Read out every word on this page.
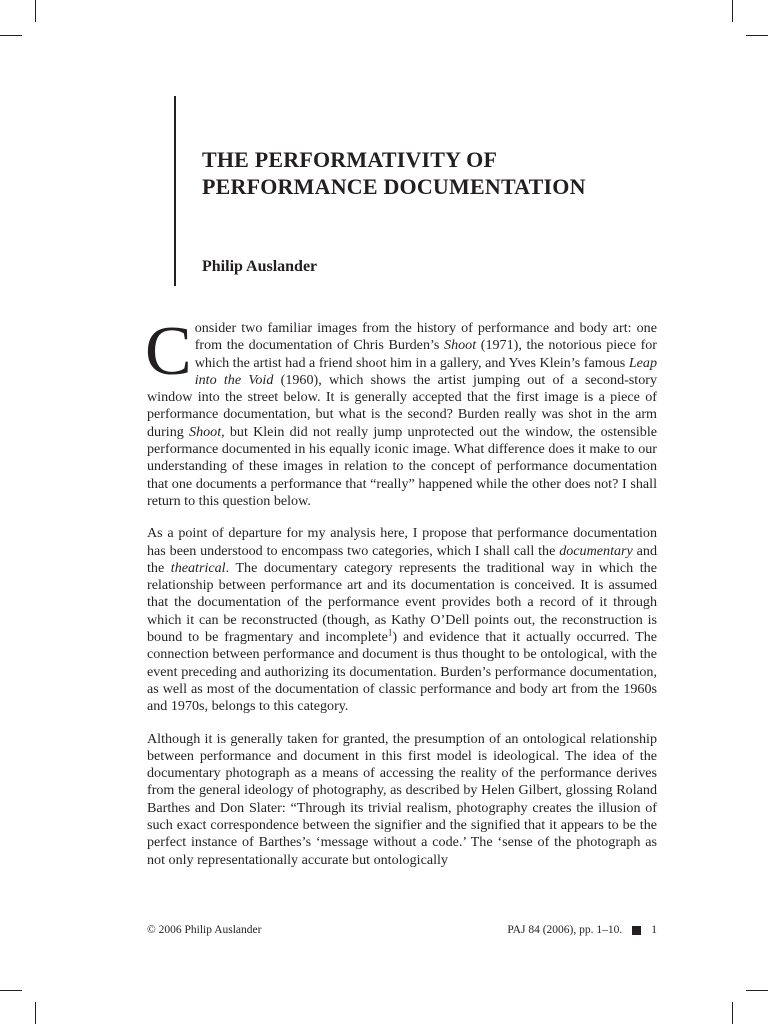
THE PERFORMATIVITY OF
PERFORMANCE DOCUMENTATION
Philip Auslander

Consider two familiar images from the history of performance and body art: one from the documentation of Chris Burden’s Shoot (1971), the notorious piece for which the artist had a friend shoot him in a gallery, and Yves Klein’s famous Leap into the Void (1960), which shows the artist jumping out of a second-story window into the street below. It is generally accepted that the first image is a piece of performance documentation, but what is the second? Burden really was shot in the arm during Shoot, but Klein did not really jump unprotected out the window, the ostensible performance documented in his equally iconic image. What difference does it make to our understanding of these images in relation to the concept of performance documentation that one documents a performance that “really” happened while the other does not? I shall return to this question below.

As a point of departure for my analysis here, I propose that performance documentation has been understood to encompass two categories, which I shall call the documentary and the theatrical. The documentary category represents the traditional way in which the relationship between performance art and its documentation is conceived. It is assumed that the documentation of the performance event provides both a record of it through which it can be reconstructed (though, as Kathy O’Dell points out, the reconstruction is bound to be fragmentary and incomplete$^1$) and evidence that it actually occurred. The connection between performance and document is thus thought to be ontological, with the event preceding and authorizing its documentation. Burden’s performance documentation, as well as most of the documentation of classic performance and body art from the 1960s and 1970s, belongs to this category.

Although it is generally taken for granted, the presumption of an ontological relationship between performance and document in this first model is ideological. The idea of the documentary photograph as a means of accessing the reality of the performance derives from the general ideology of photography, as described by Helen Gilbert, glossing Roland Barthes and Don Slater: “Through its trivial realism, photography creates the illusion of such exact correspondence between the signifier and the signified that it appears to be the perfect instance of Barthes’s ‘message without a code.’ The ‘sense of the photograph as not only representationally accurate but ontologically

© 2006 Philip Auslander	PAJ 84 (2006), pp. 1–10.	1
